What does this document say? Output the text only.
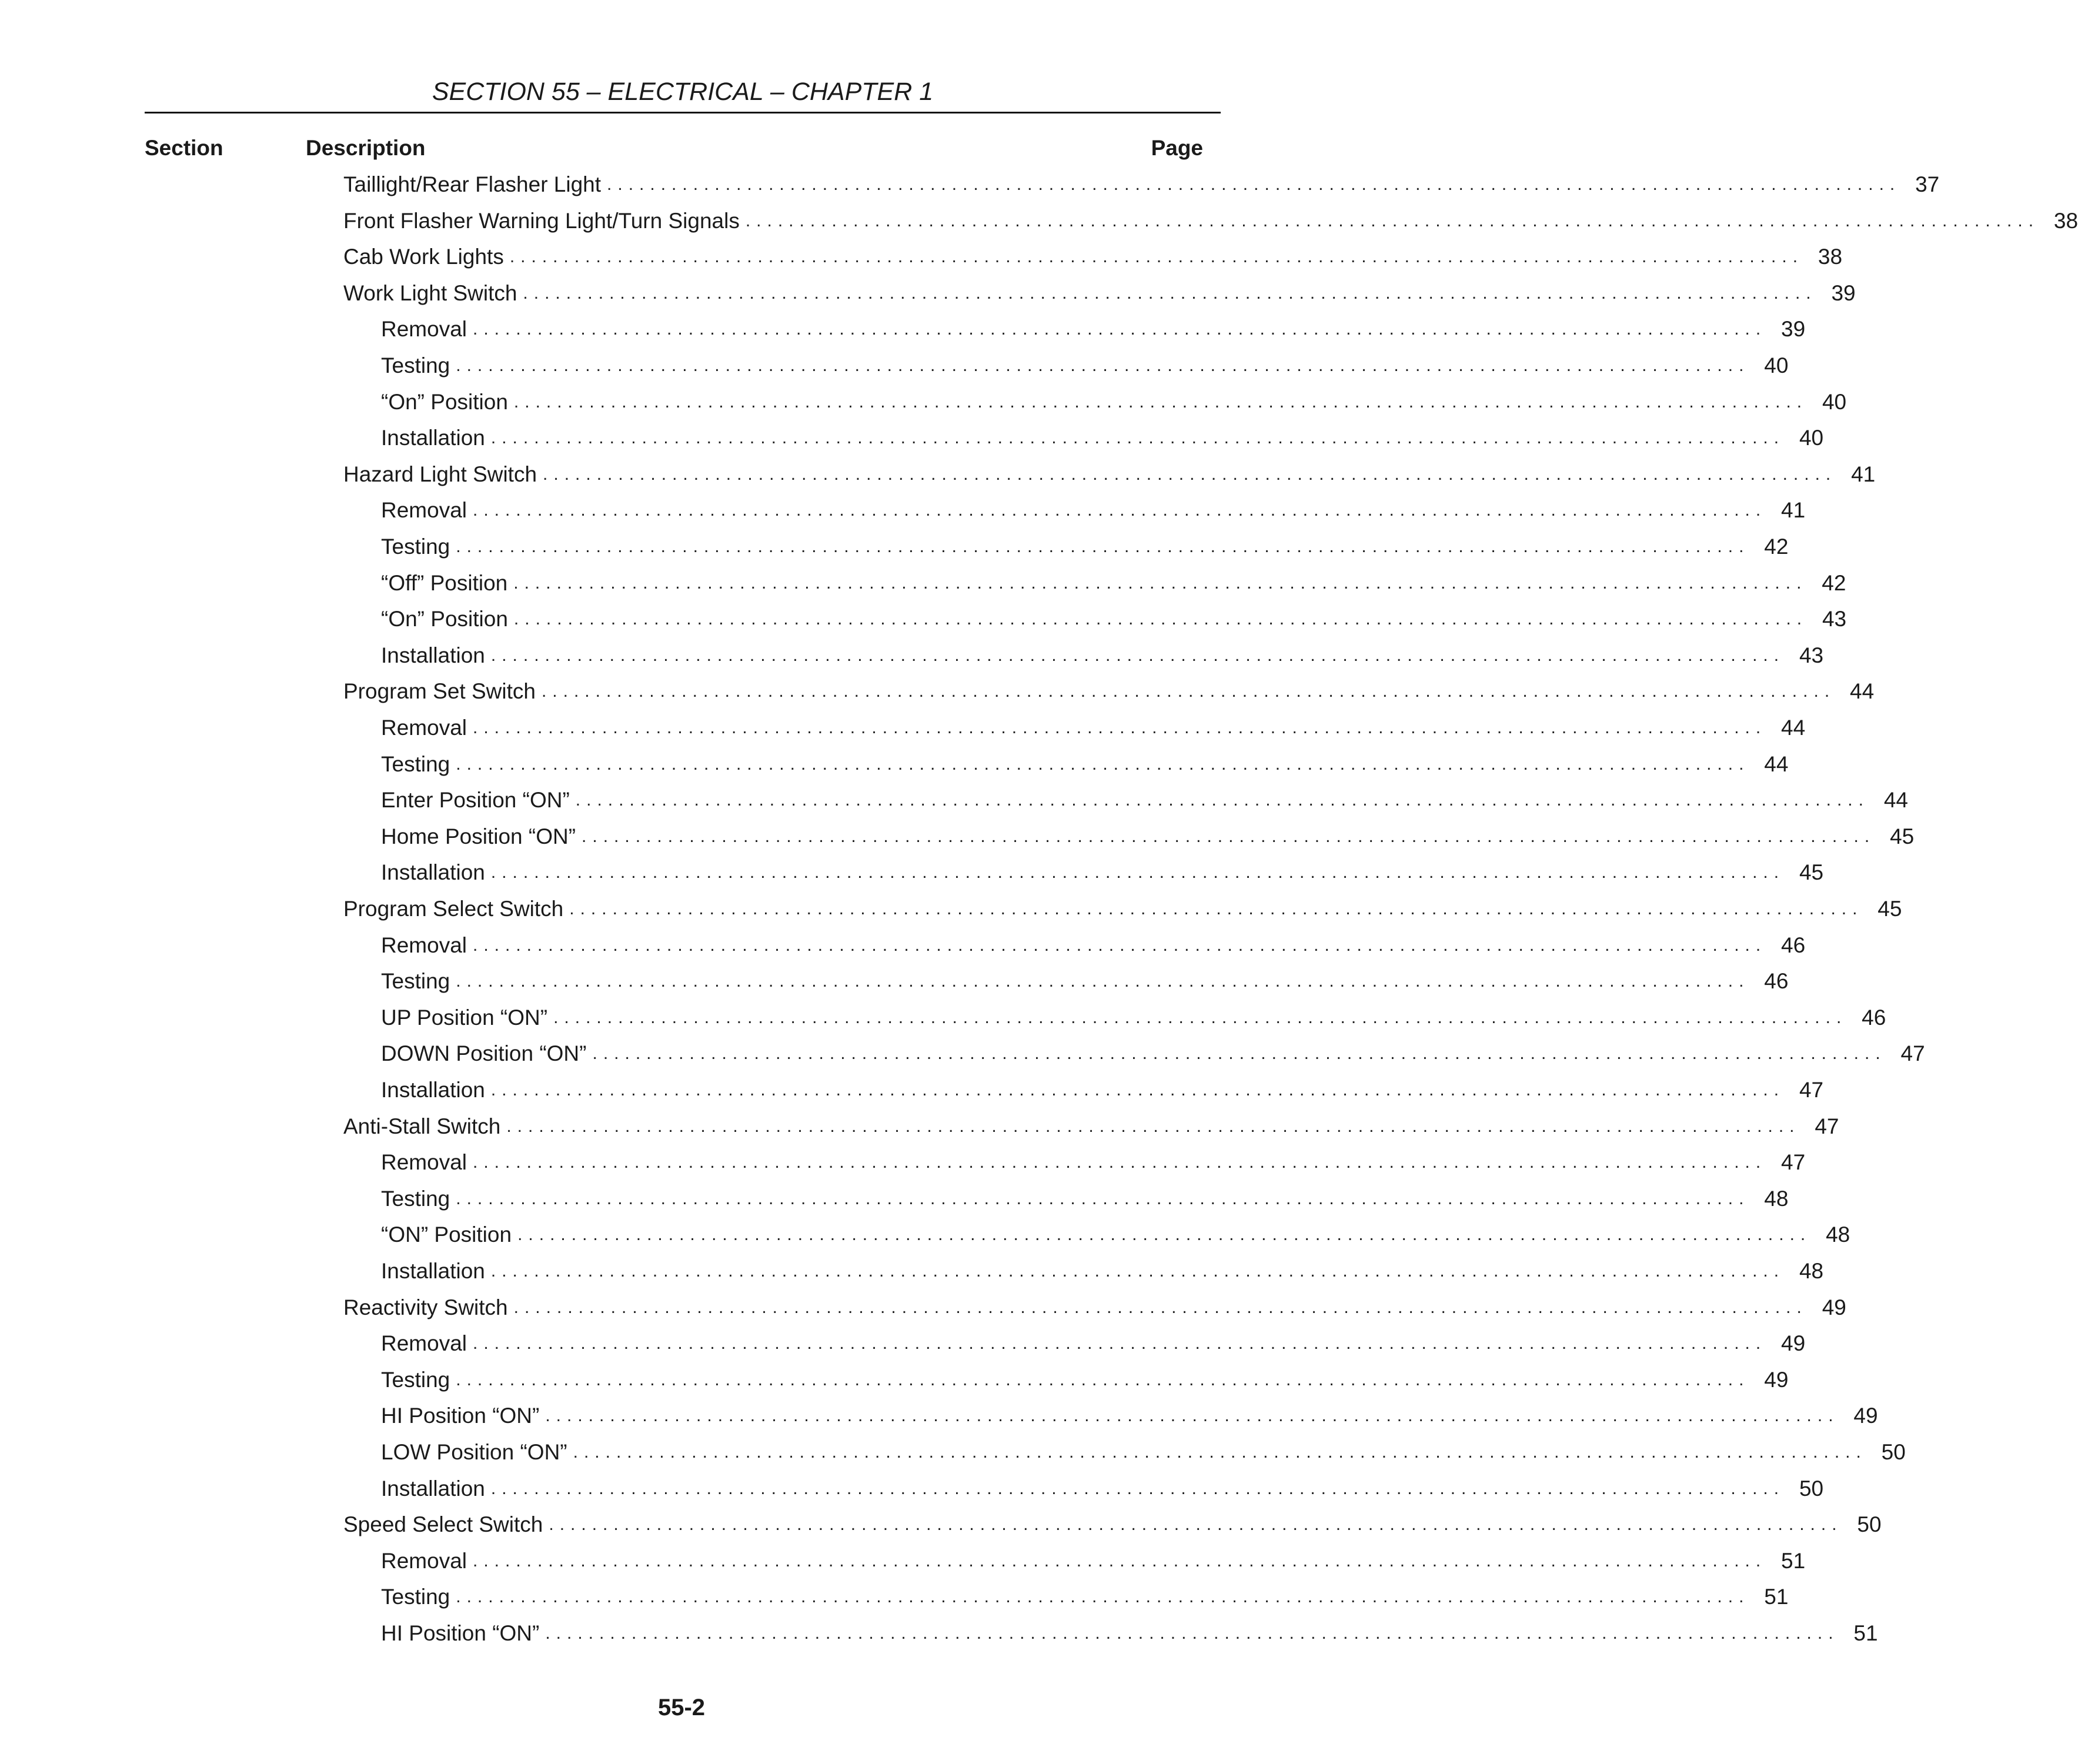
SECTION 55 – ELECTRICAL – CHAPTER 1
Section	Description	Page
Taillight/Rear Flasher Light ........................................................................................................................ 37
Front Flasher Warning Light/Turn Signals ........................................................................................................................ 38
Cab Work Lights ........................................................................................................................ 38
Work Light Switch ........................................................................................................................ 39
Removal ........................................................................................................................ 39
Testing ........................................................................................................................ 40
“On” Position ........................................................................................................................ 40
Installation ........................................................................................................................ 40
Hazard Light Switch ........................................................................................................................ 41
Removal ........................................................................................................................ 41
Testing ........................................................................................................................ 42
“Off” Position ........................................................................................................................ 42
“On” Position ........................................................................................................................ 43
Installation ........................................................................................................................ 43
Program Set Switch ........................................................................................................................ 44
Removal ........................................................................................................................ 44
Testing ........................................................................................................................ 44
Enter Position “ON” ........................................................................................................................ 44
Home Position “ON” ........................................................................................................................ 45
Installation ........................................................................................................................ 45
Program Select Switch ........................................................................................................................ 45
Removal ........................................................................................................................ 46
Testing ........................................................................................................................ 46
UP Position “ON” ........................................................................................................................ 46
DOWN Position “ON” ........................................................................................................................ 47
Installation ........................................................................................................................ 47
Anti-Stall Switch ........................................................................................................................ 47
Removal ........................................................................................................................ 47
Testing ........................................................................................................................ 48
“ON” Position ........................................................................................................................ 48
Installation ........................................................................................................................ 48
Reactivity Switch ........................................................................................................................ 49
Removal ........................................................................................................................ 49
Testing ........................................................................................................................ 49
HI Position “ON” ........................................................................................................................ 49
LOW Position “ON” ........................................................................................................................ 50
Installation ........................................................................................................................ 50
Speed Select Switch ........................................................................................................................ 50
Removal ........................................................................................................................ 51
Testing ........................................................................................................................ 51
HI Position “ON” ........................................................................................................................ 51
55-2
